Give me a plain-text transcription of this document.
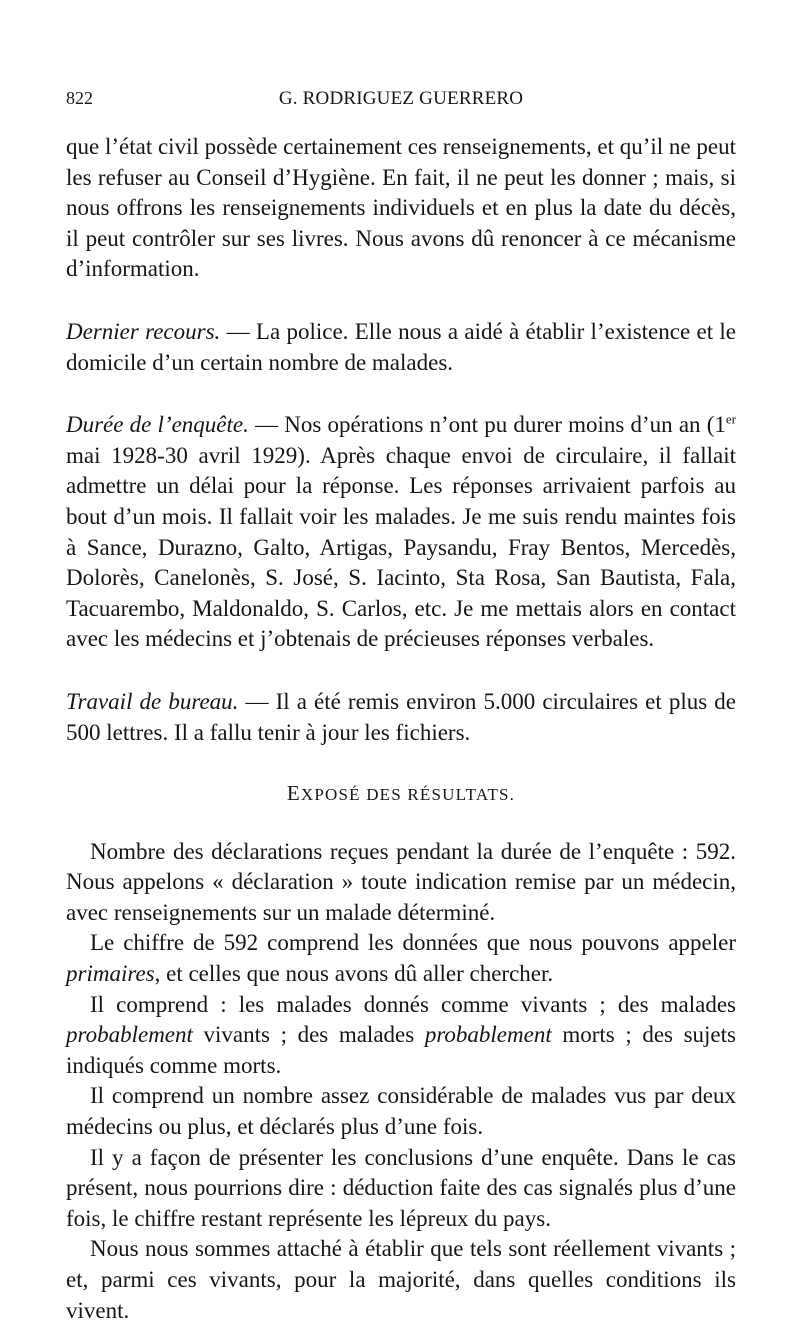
822	G. RODRIGUEZ GUERRERO

que l’état civil possède certainement ces renseignements, et qu’il ne peut les refuser au Conseil d’Hygiène. En fait, il ne peut les donner ; mais, si nous offrons les renseignements individuels et en plus la date du décès, il peut contrôler sur ses livres. Nous avons dû renoncer à ce mécanisme d’information.

Dernier recours. — La police. Elle nous a aidé à établir l’existence et le domicile d’un certain nombre de malades.

Durée de l’enquête. — Nos opérations n’ont pu durer moins d’un an (1er mai 1928-30 avril 1929). Après chaque envoi de circulaire, il fallait admettre un délai pour la réponse. Les réponses arrivaient parfois au bout d’un mois. Il fallait voir les malades. Je me suis rendu maintes fois à Sance, Durazno, Galto, Artigas, Paysandu, Fray Bentos, Mercedès, Dolorès, Canelonès, S. José, S. Iacinto, Sta Rosa, San Bautista, Fala, Tacuarembo, Maldonaldo, S. Carlos, etc. Je me mettais alors en contact avec les médecins et j’obtenais de précieuses réponses verbales.

Travail de bureau. — Il a été remis environ 5.000 circulaires et plus de 500 lettres. Il a fallu tenir à jour les fichiers.

EXPOSÉ DES RÉSULTATS.

Nombre des déclarations reçues pendant la durée de l’enquête : 592. Nous appelons « déclaration » toute indication remise par un médecin, avec renseignements sur un malade déterminé.

Le chiffre de 592 comprend les données que nous pouvons appeler primaires, et celles que nous avons dû aller chercher.

Il comprend : les malades donnés comme vivants ; des malades probablement vivants ; des malades probablement morts ; des sujets indiqués comme morts.

Il comprend un nombre assez considérable de malades vus par deux médecins ou plus, et déclarés plus d’une fois.

Il y a façon de présenter les conclusions d’une enquête. Dans le cas présent, nous pourrions dire : déduction faite des cas signalés plus d’une fois, le chiffre restant représente les lépreux du pays.

Nous nous sommes attaché à établir que tels sont réellement vivants ; et, parmi ces vivants, pour la majorité, dans quelles conditions ils vivent.
